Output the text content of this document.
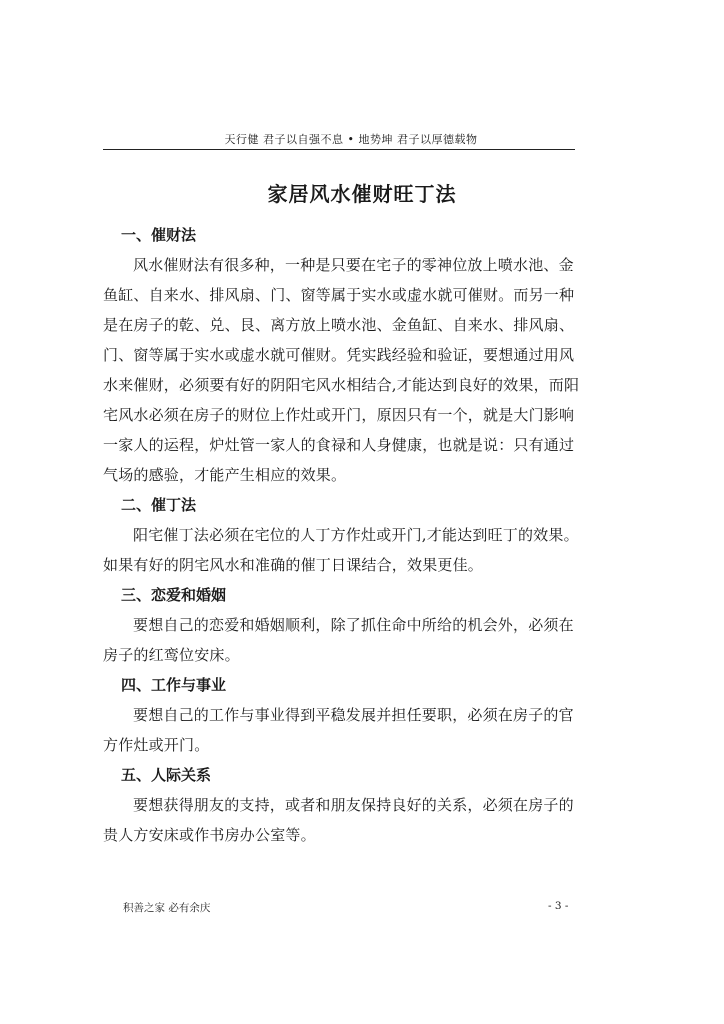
天行健 君子以自强不息 • 地势坤 君子以厚德载物
家居风水催财旺丁法
一、催财法

风水催财法有很多种，一种是只要在宅子的零神位放上喷水池、金鱼缸、自来水、排风扇、门、窗等属于实水或虚水就可催财。而另一种是在房子的乾、兑、艮、离方放上喷水池、金鱼缸、自来水、排风扇、门、窗等属于实水或虚水就可催财。凭实践经验和验证，要想通过用风水来催财，必须要有好的阴阳宅风水相结合,才能达到良好的效果，而阳宅风水必须在房子的财位上作灶或开门，原因只有一个，就是大门影响一家人的运程，炉灶管一家人的食禄和人身健康，也就是说：只有通过气场的感验，才能产生相应的效果。

二、催丁法

阳宅催丁法必须在宅位的人丁方作灶或开门,才能达到旺丁的效果。如果有好的阴宅风水和准确的催丁日课结合，效果更佳。

三、恋爱和婚姻

要想自己的恋爱和婚姻顺利，除了抓住命中所给的机会外，必须在房子的红鸾位安床。

四、工作与事业

要想自己的工作与事业得到平稳发展并担任要职，必须在房子的官方作灶或开门。

五、人际关系

要想获得朋友的支持，或者和朋友保持良好的关系，必须在房子的贵人方安床或作书房办公室等。

积善之家 必有余庆	- 3 -
